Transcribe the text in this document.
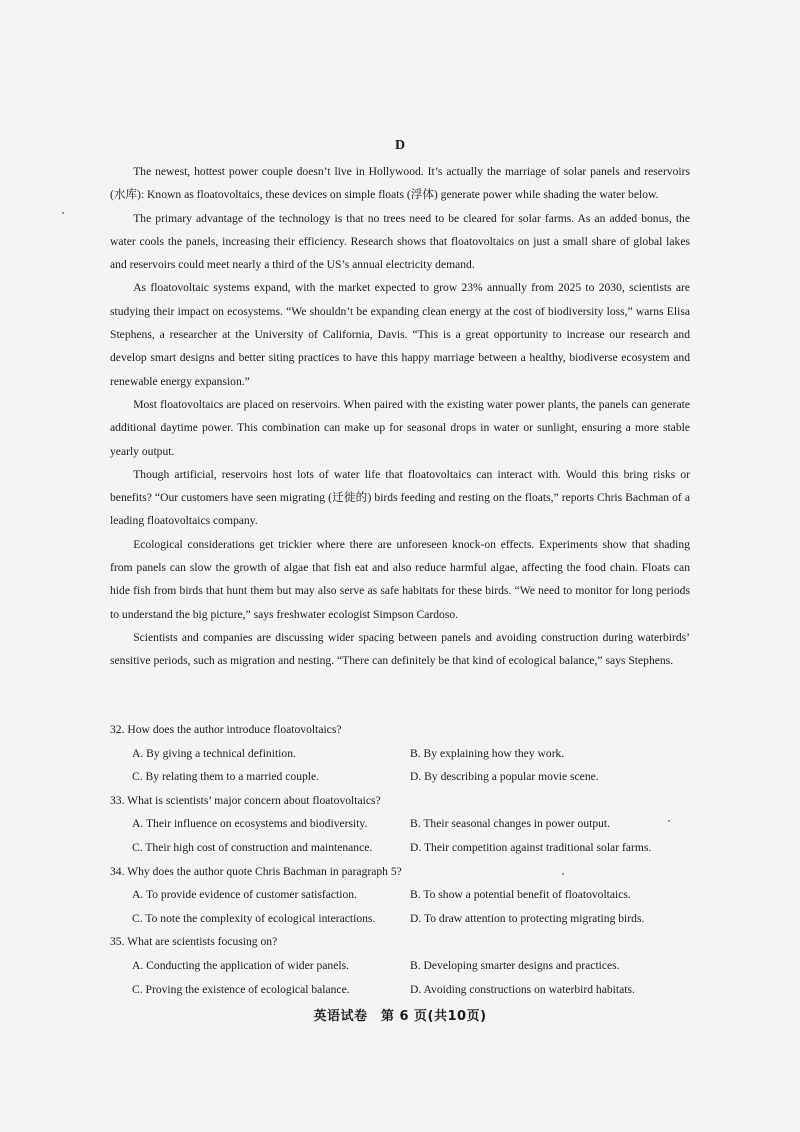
D

The newest, hottest power couple doesn’t live in Hollywood. It’s actually the marriage of solar panels and reservoirs (水库): Known as floatovoltaics, these devices on simple floats (浮体) generate power while shading the water below.

The primary advantage of the technology is that no trees need to be cleared for solar farms. As an added bonus, the water cools the panels, increasing their efficiency. Research shows that floatovoltaics on just a small share of global lakes and reservoirs could meet nearly a third of the US’s annual electricity demand.

As floatovoltaic systems expand, with the market expected to grow 23% annually from 2025 to 2030, scientists are studying their impact on ecosystems. “We shouldn’t be expanding clean energy at the cost of biodiversity loss,” warns Elisa Stephens, a researcher at the University of California, Davis. “This is a great opportunity to increase our research and develop smart designs and better siting practices to have this happy marriage between a healthy, biodiverse ecosystem and renewable energy expansion.”

Most floatovoltaics are placed on reservoirs. When paired with the existing water power plants, the panels can generate additional daytime power. This combination can make up for seasonal drops in water or sunlight, ensuring a more stable yearly output.

Though artificial, reservoirs host lots of water life that floatovoltaics can interact with. Would this bring risks or benefits? “Our customers have seen migrating (迁徙的) birds feeding and resting on the floats,” reports Chris Bachman of a leading floatovoltaics company.

Ecological considerations get trickier where there are unforeseen knock-on effects. Experiments show that shading from panels can slow the growth of algae that fish eat and also reduce harmful algae, affecting the food chain. Floats can hide fish from birds that hunt them but may also serve as safe habitats for these birds. “We need to monitor for long periods to understand the big picture,” says freshwater ecologist Simpson Cardoso.

Scientists and companies are discussing wider spacing between panels and avoiding construction during waterbirds’ sensitive periods, such as migration and nesting. “There can definitely be that kind of ecological balance,” says Stephens.

32. How does the author introduce floatovoltaics?
A. By giving a technical definition.	B. By explaining how they work.
C. By relating them to a married couple.	D. By describing a popular movie scene.
33. What is scientists’ major concern about floatovoltaics?
A. Their influence on ecosystems and biodiversity.	B. Their seasonal changes in power output.
C. Their high cost of construction and maintenance.	D. Their competition against traditional solar farms.
34. Why does the author quote Chris Bachman in paragraph 5?
A. To provide evidence of customer satisfaction.	B. To show a potential benefit of floatovoltaics.
C. To note the complexity of ecological interactions.	D. To draw attention to protecting migrating birds.
35. What are scientists focusing on?
A. Conducting the application of wider panels.	B. Developing smarter designs and practices.
C. Proving the existence of ecological balance.	D. Avoiding constructions on waterbird habitats.
英语试卷　第 6 页(共10页)
